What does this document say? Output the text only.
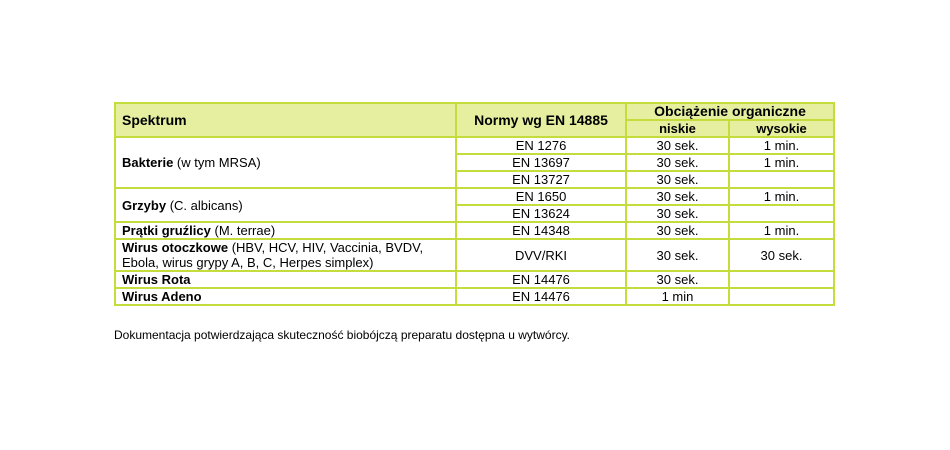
Spektrum	Normy wg EN 14885	Obciążenie organiczne	
		niskie	wysokie
Bakterie (w tym MRSA)	EN 1276	30 sek.	1 min.
	EN 13697	30 sek.	1 min.
	EN 13727	30 sek.	
Grzyby (C. albicans)	EN 1650	30 sek.	1 min.
	EN 13624	30 sek.	
Prątki gruźlicy (M. terrae)	EN 14348	30 sek.	1 min.
Wirus otoczkowe (HBV, HCV, HIV, Vaccinia, BVDV, Ebola, wirus grypy A, B, C, Herpes simplex)	DVV/RKI	30 sek.	30 sek.
Wirus Rota	EN 14476	30 sek.	
Wirus Adeno	EN 14476	1 min	
Dokumentacja potwierdzająca skuteczność biobójczą preparatu dostępna u wytwórcy.
